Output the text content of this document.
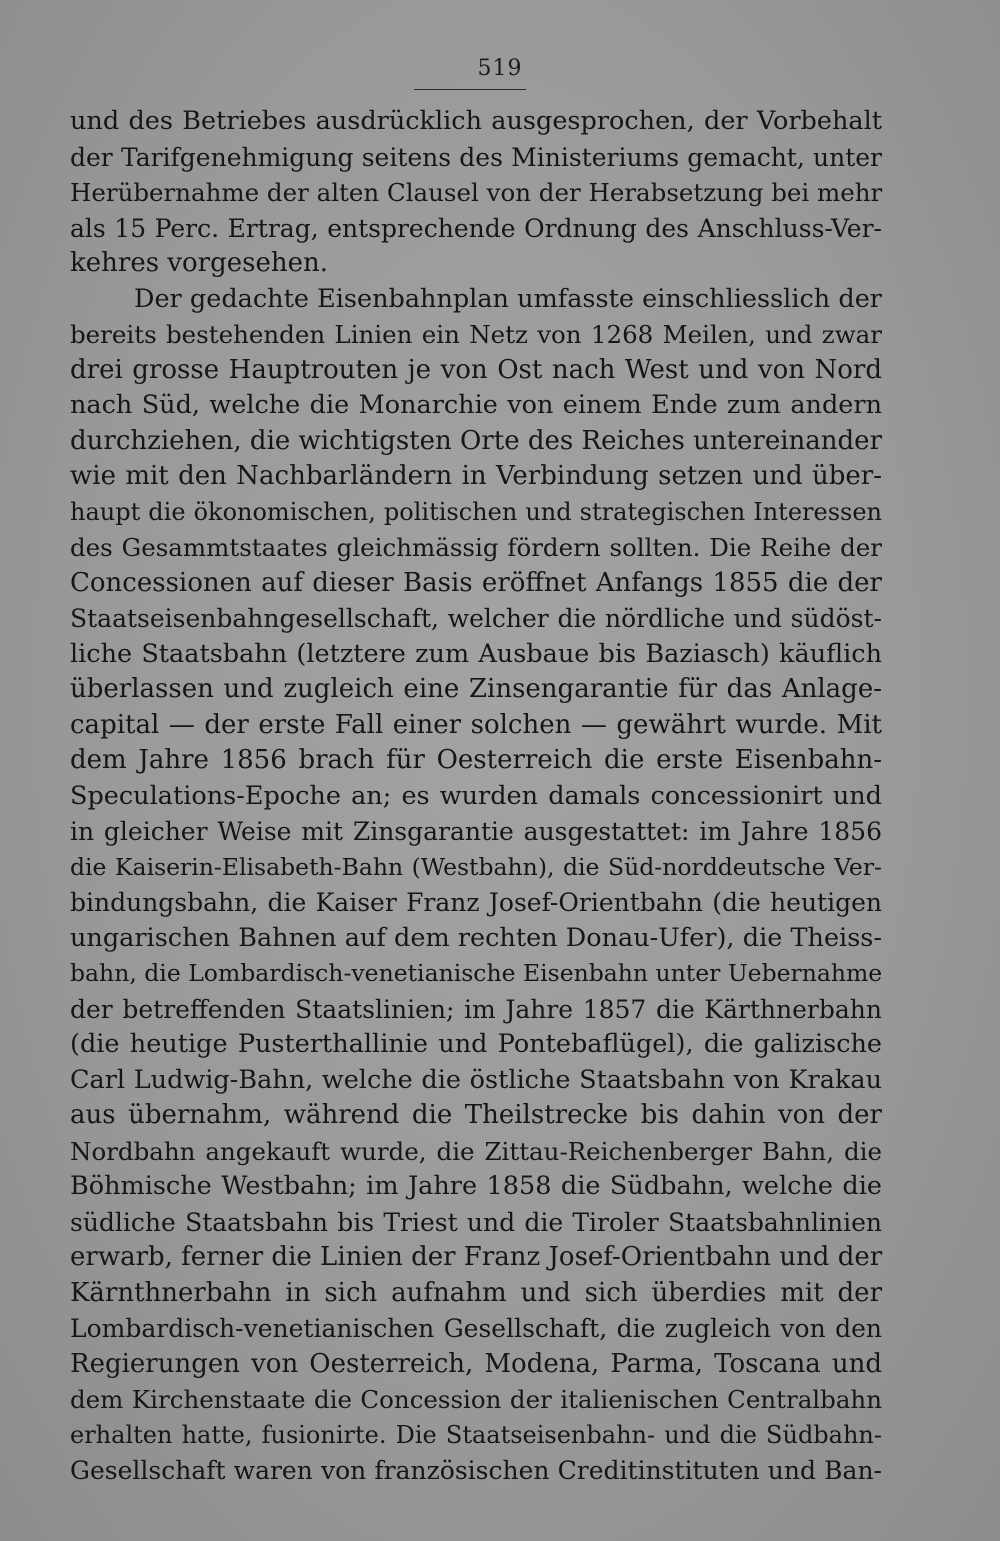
519
und des Betriebes ausdrücklich ausgesprochen, der Vorbehalt
der Tarifgenehmigung seitens des Ministeriums gemacht, unter
Herübernahme der alten Clausel von der Herabsetzung bei mehr
als 15 Perc. Ertrag, entsprechende Ordnung des Anschluss-Ver-
kehres vorgesehen.
Der gedachte Eisenbahnplan umfasste einschliesslich der
bereits bestehenden Linien ein Netz von 1268 Meilen, und zwar
drei grosse Hauptrouten je von Ost nach West und von Nord
nach Süd, welche die Monarchie von einem Ende zum andern
durchziehen, die wichtigsten Orte des Reiches untereinander
wie mit den Nachbarländern in Verbindung setzen und über-
haupt die ökonomischen, politischen und strategischen Interessen
des Gesammtstaates gleichmässig fördern sollten. Die Reihe der
Concessionen auf dieser Basis eröffnet Anfangs 1855 die der
Staatseisenbahngesellschaft, welcher die nördliche und südöst-
liche Staatsbahn (letztere zum Ausbaue bis Baziasch) käuflich
überlassen und zugleich eine Zinsengarantie für das Anlage-
capital — der erste Fall einer solchen — gewährt wurde. Mit
dem Jahre 1856 brach für Oesterreich die erste Eisenbahn-
Speculations-Epoche an; es wurden damals concessionirt und
in gleicher Weise mit Zinsgarantie ausgestattet: im Jahre 1856
die Kaiserin-Elisabeth-Bahn (Westbahn), die Süd-norddeutsche Ver-
bindungsbahn, die Kaiser Franz Josef-Orientbahn (die heutigen
ungarischen Bahnen auf dem rechten Donau-Ufer), die Theiss-
bahn, die Lombardisch-venetianische Eisenbahn unter Uebernahme
der betreffenden Staatslinien; im Jahre 1857 die Kärthnerbahn
(die heutige Pusterthallinie und Pontebaflügel), die galizische
Carl Ludwig-Bahn, welche die östliche Staatsbahn von Krakau
aus übernahm, während die Theilstrecke bis dahin von der
Nordbahn angekauft wurde, die Zittau-Reichenberger Bahn, die
Böhmische Westbahn; im Jahre 1858 die Südbahn, welche die
südliche Staatsbahn bis Triest und die Tiroler Staatsbahnlinien
erwarb, ferner die Linien der Franz Josef-Orientbahn und der
Kärnthnerbahn in sich aufnahm und sich überdies mit der
Lombardisch-venetianischen Gesellschaft, die zugleich von den
Regierungen von Oesterreich, Modena, Parma, Toscana und
dem Kirchenstaate die Concession der italienischen Centralbahn
erhalten hatte, fusionirte. Die Staatseisenbahn- und die Südbahn-
Gesellschaft waren von französischen Creditinstituten und Ban-
